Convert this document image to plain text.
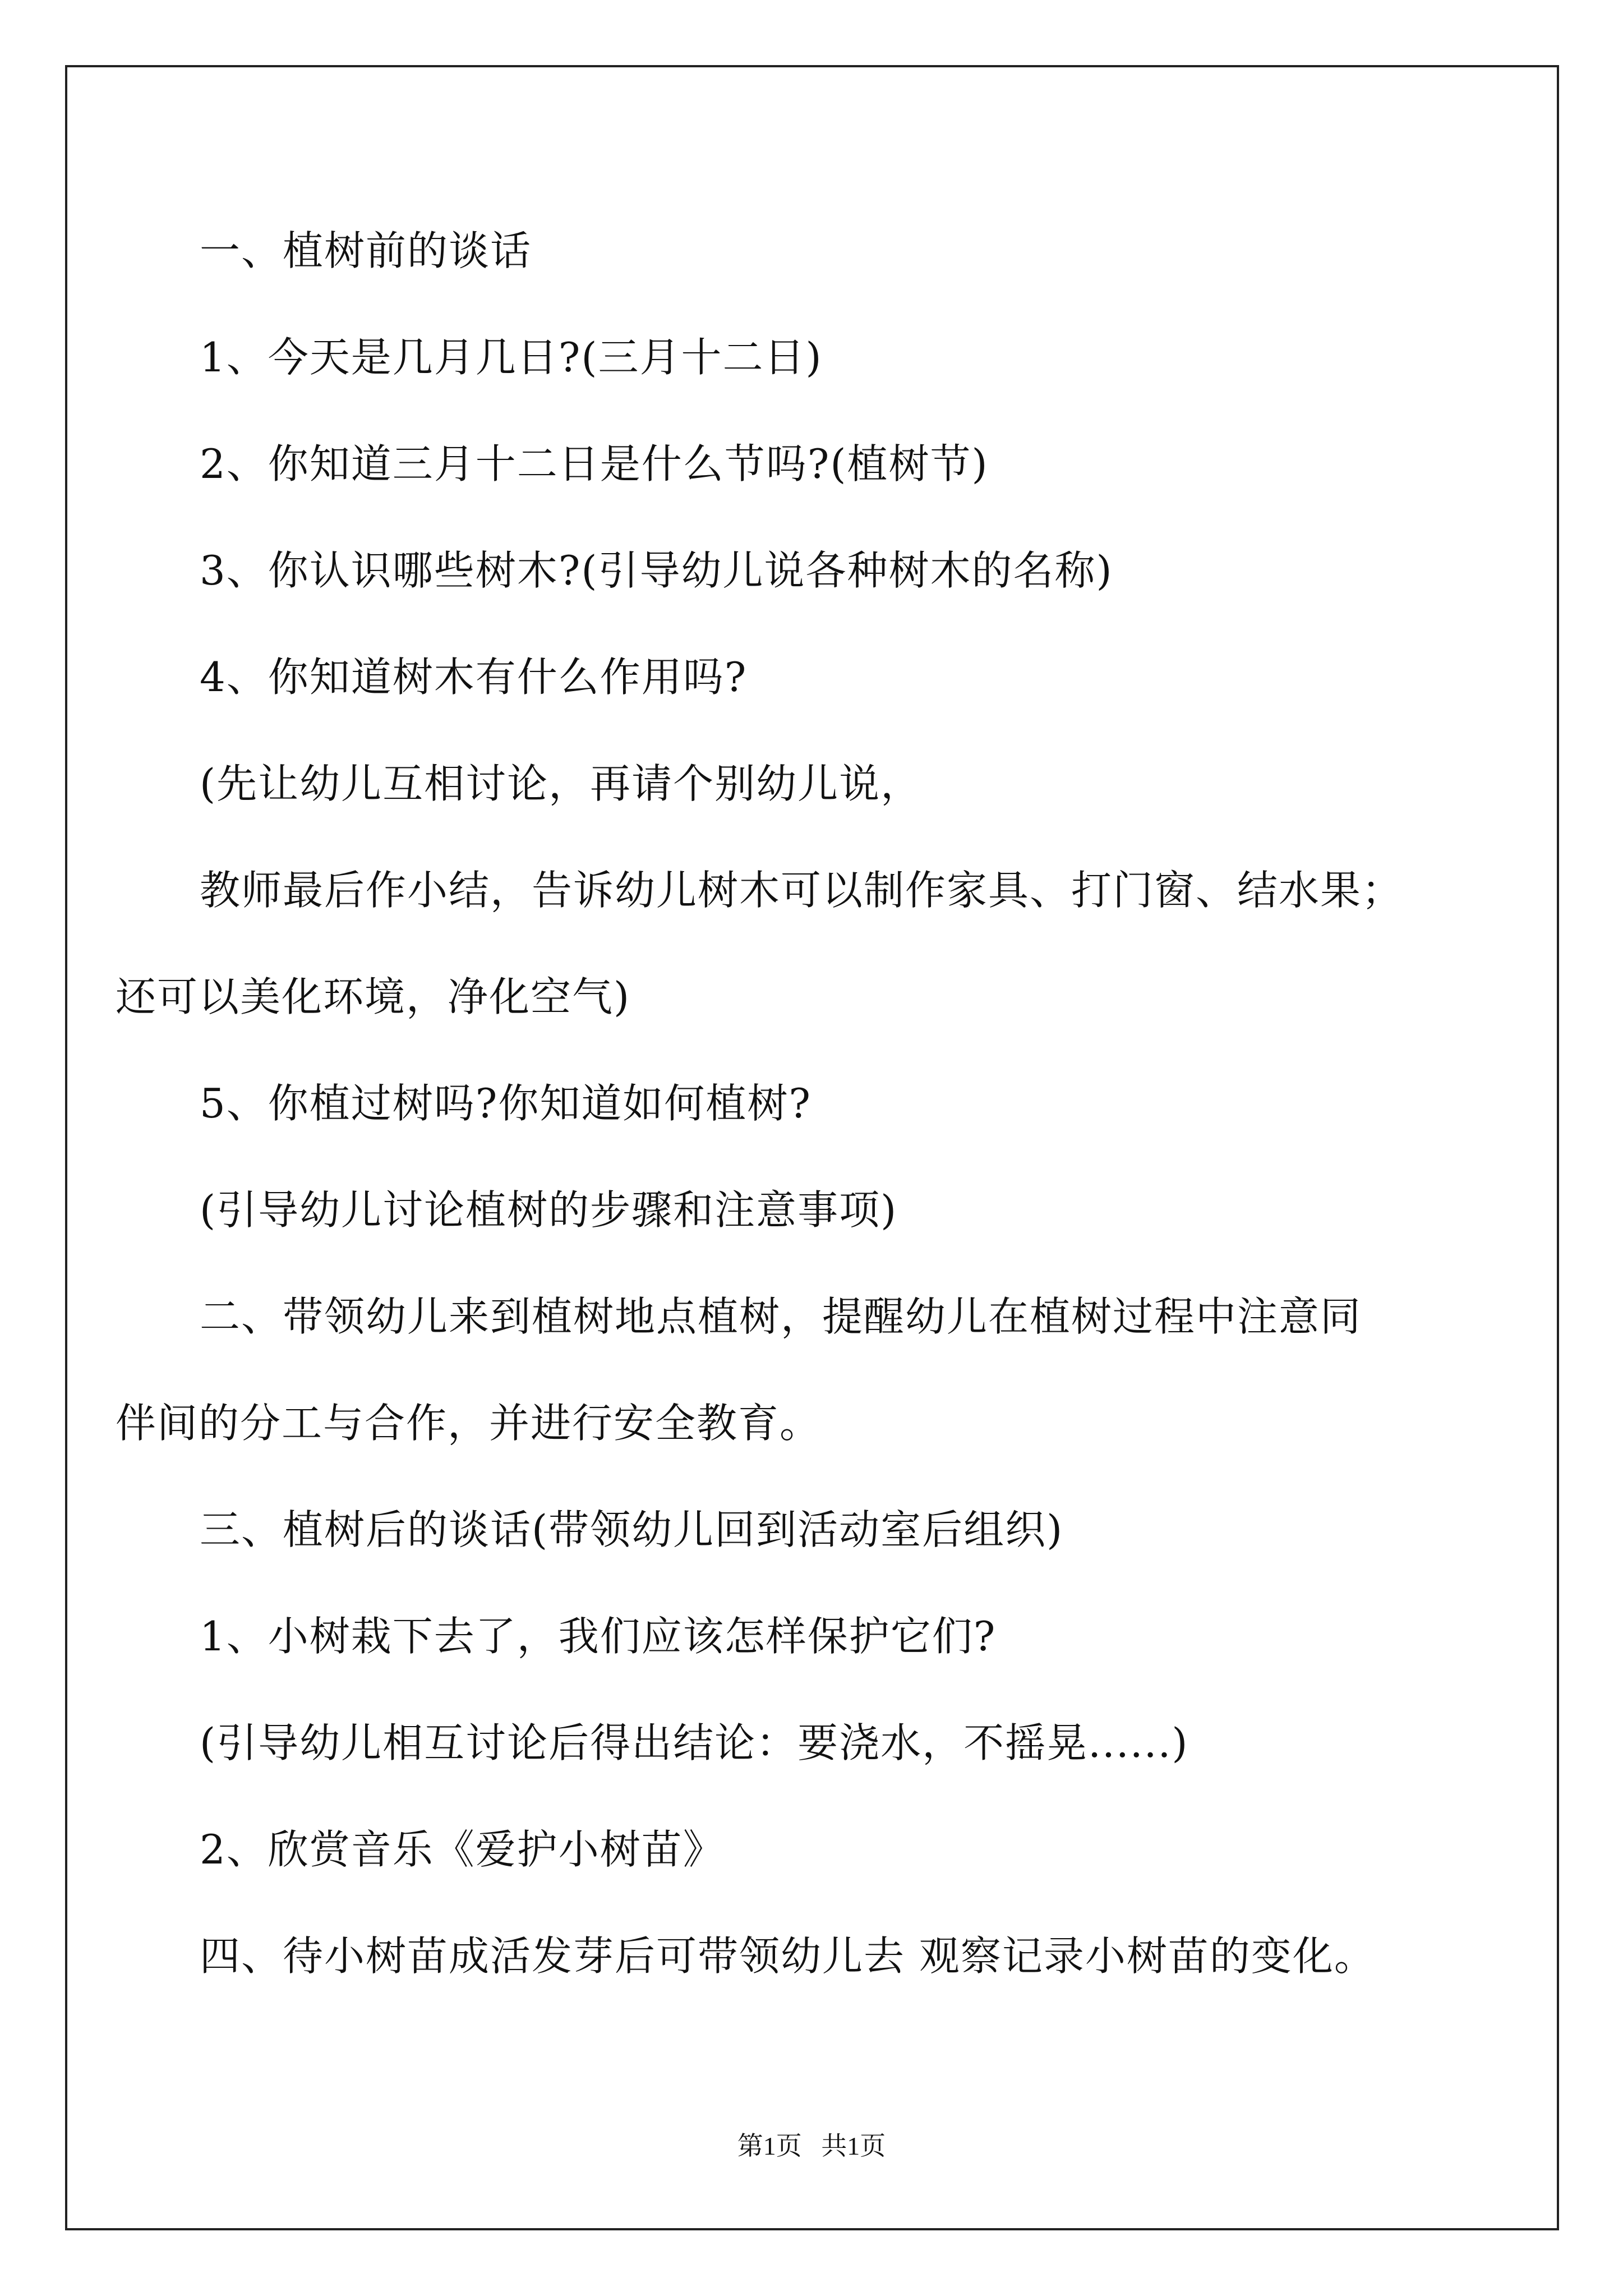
一、植树前的谈话
1、今天是几月几日?(三月十二日)
2、你知道三月十二日是什么节吗?(植树节)
3、你认识哪些树木?(引导幼儿说各种树木的名称)
4、你知道树木有什么作用吗?
(先让幼儿互相讨论，再请个别幼儿说，
教师最后作小结，告诉幼儿树木可以制作家具、打门窗、结水果；
还可以美化环境，净化空气)
5、你植过树吗?你知道如何植树?
(引导幼儿讨论植树的步骤和注意事项)
二、带领幼儿来到植树地点植树，提醒幼儿在植树过程中注意同
伴间的分工与合作，并进行安全教育。
三、植树后的谈话(带领幼儿回到活动室后组织)
1、小树栽下去了，我们应该怎样保护它们?
(引导幼儿相互讨论后得出结论：要浇水，不摇晃......)
2、欣赏音乐《爱护小树苗》
四、待小树苗成活发芽后可带领幼儿去 观察记录小树苗的变化。
第1页   共1页
